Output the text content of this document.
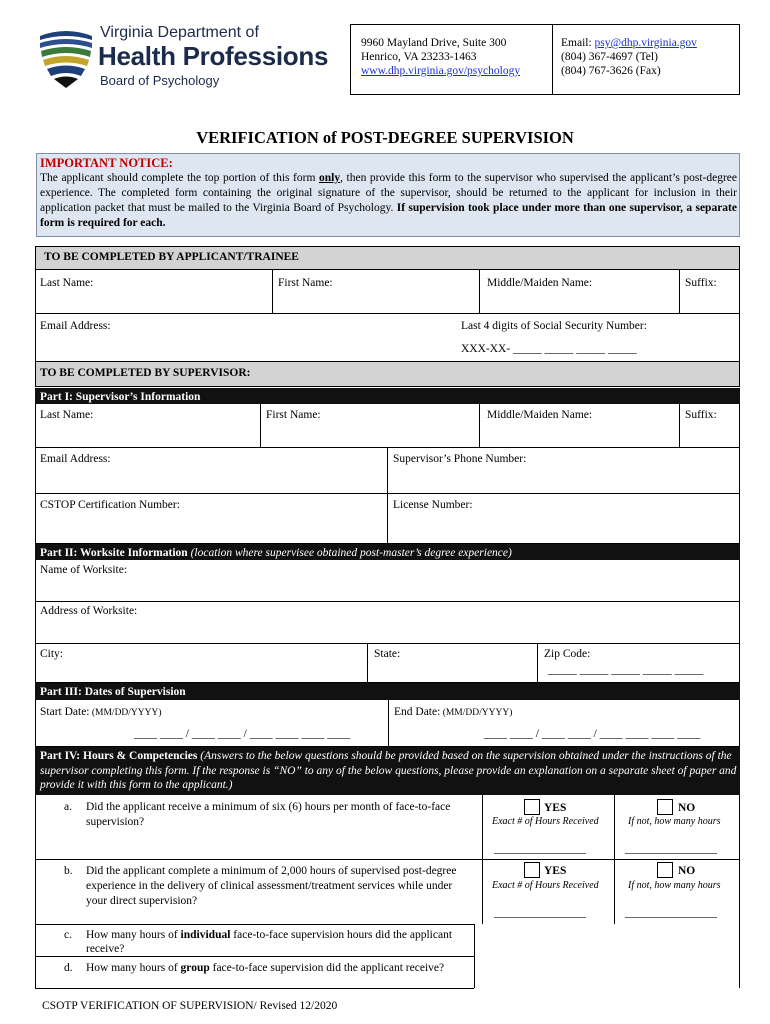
Virginia Department of
Health Professions
Board of Psychology
9960 Mayland Drive, Suite 300
Henrico, VA 23233-1463
www.dhp.virginia.gov/psychology
Email: psy@dhp.virginia.gov
(804) 367-4697 (Tel)
(804) 767-3626 (Fax)
VERIFICATION of POST-DEGREE SUPERVISION
IMPORTANT NOTICE:
The applicant should complete the top portion of this form only, then provide this form to the supervisor who supervised the applicant’s post-degree experience. The completed form containing the original signature of the supervisor, should be returned to the applicant for inclusion in their application packet that must be mailed to the Virginia Board of Psychology. If supervision took place under more than one supervisor, a separate form is required for each.
TO BE COMPLETED BY APPLICANT/TRAINEE
Last Name:	First Name:	Middle/Maiden Name:	Suffix:
Email Address:	Last 4 digits of Social Security Number:
XXX-XX- _____ _____ _____ _____
TO BE COMPLETED BY SUPERVISOR:
Part I: Supervisor’s Information
Last Name:	First Name:	Middle/Maiden Name:	Suffix:
Email Address:	Supervisor’s Phone Number:
CSTOP Certification Number:	License Number:
Part II: Worksite Information (location where supervisee obtained post-master’s degree experience)
Name of Worksite:
Address of Worksite:
City:	State:	Zip Code:
_____ _____ _____ _____ _____
Part III: Dates of Supervision
Start Date: (MM/DD/YYYY)
____ ____ / ____ ____ / ____ ____ ____ ____
End Date: (MM/DD/YYYY)
____ ____ / ____ ____ / ____ ____ ____ ____
Part IV: Hours & Competencies (Answers to the below questions should be provided based on the supervision obtained under the instructions of the supervisor completing this form. If the response is “NO” to any of the below questions, please provide an explanation on a separate sheet of paper and provide it with this form to the applicant.)
a. Did the applicant receive a minimum of six (6) hours per month of face-to-face supervision?
YES
Exact # of Hours Received
________________
NO
If not, how many hours
________________
b. Did the applicant complete a minimum of 2,000 hours of supervised post-degree experience in the delivery of clinical assessment/treatment services while under your direct supervision?
YES
Exact # of Hours Received
________________
NO
If not, how many hours
________________
c. How many hours of individual face-to-face supervision hours did the applicant receive?
d. How many hours of group face-to-face supervision did the applicant receive?
CSOTP VERIFICATION OF SUPERVISION/ Revised 12/2020
